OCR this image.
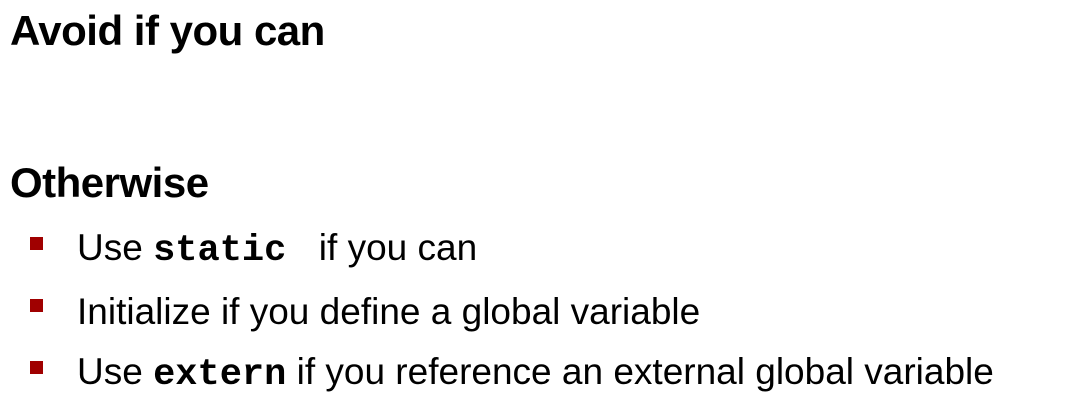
Avoid if you can
Otherwise
Use static  if you can
Initialize if you define a global variable
Use extern if you reference an external global variable
